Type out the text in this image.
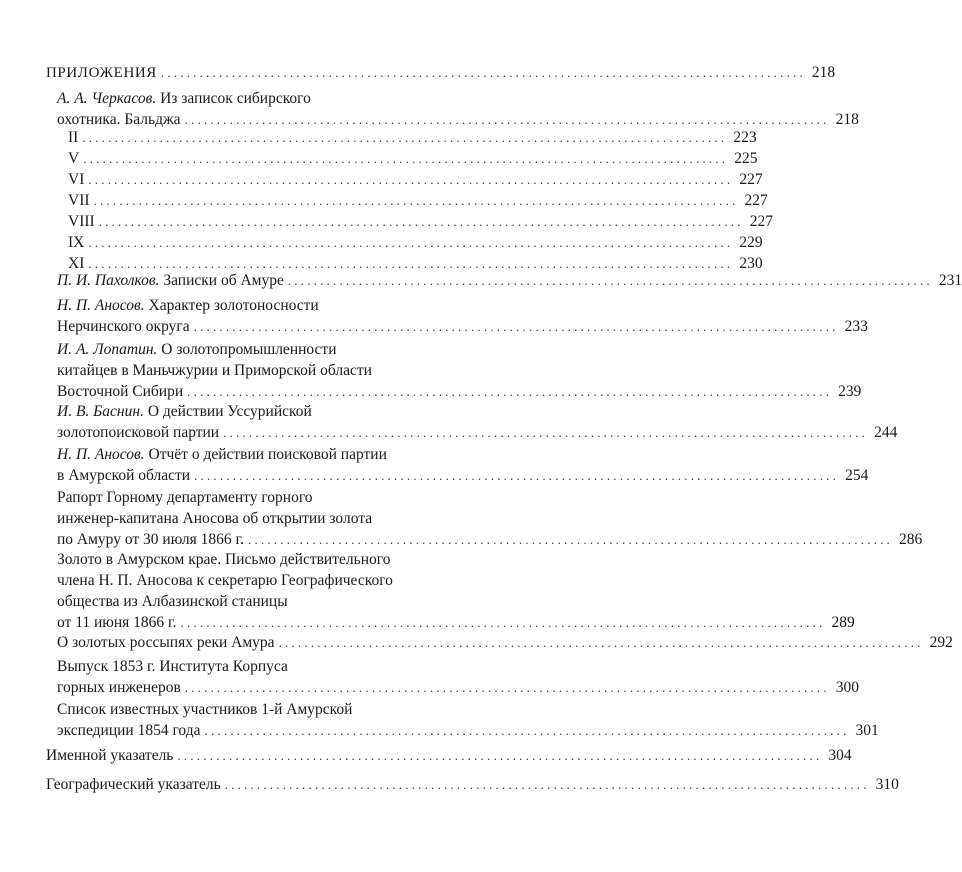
ПРИЛОЖЕНИЯ .................................................................................................... 218
А. А. Черкасов. Из записок сибирского
охотника. Бальджа .................................................................................................... 218
II .................................................................................................... 223
V .................................................................................................... 225
VI .................................................................................................... 227
VII .................................................................................................... 227
VIII .................................................................................................... 227
IX .................................................................................................... 229
XI .................................................................................................... 230
П. И. Пахолков. Записки об Амуре .................................................................................................... 231
Н. П. Аносов. Характер золотоносности
Нерчинского округа .................................................................................................... 233
И. А. Лопатин. О золотопромышленности
китайцев в Маньчжурии и Приморской области
Восточной Сибири .................................................................................................... 239
И. В. Баснин. О действии Уссурийской
золотопоисковой партии .................................................................................................... 244
Н. П. Аносов. Отчёт о действии поисковой партии
в Амурской области .................................................................................................... 254
Рапорт Горному департаменту горного
инженер-капитана Аносова об открытии золота
по Амуру от 30 июля 1866 г. .................................................................................................... 286
Золото в Амурском крае. Письмо действительного
члена Н. П. Аносова к секретарю Географического
общества из Албазинской станицы
от 11 июня 1866 г. .................................................................................................... 289
О золотых россыпях реки Амура .................................................................................................... 292
Выпуск 1853 г. Института Корпуса
горных инженеров .................................................................................................... 300
Список известных участников 1-й Амурской
экспедиции 1854 года .................................................................................................... 301
Именной указатель .................................................................................................... 304
Географический указатель .................................................................................................... 310
